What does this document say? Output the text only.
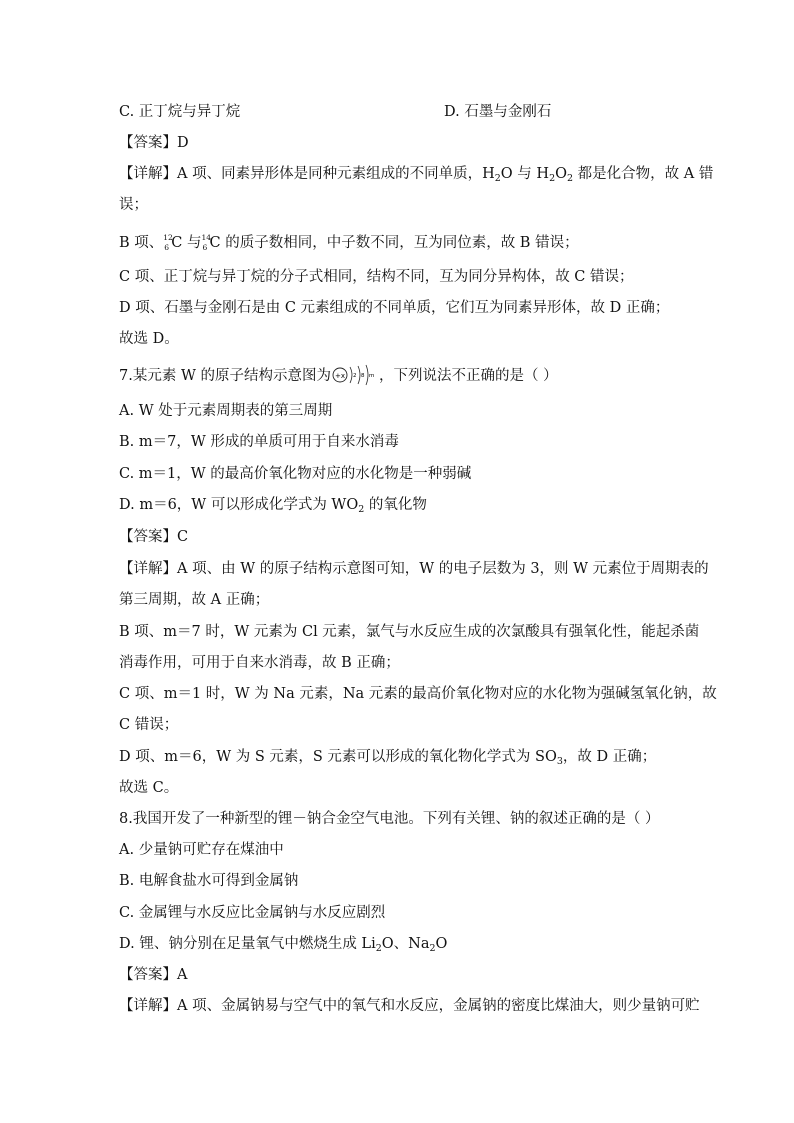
C. 正丁烷与异丁烷	D. 石墨与金刚石
【答案】D
【详解】A 项、同素异形体是同种元素组成的不同单质，$H_2O$ 与 $H_2O_2$ 都是化合物，故 A 错
误；
B 项、 12
6 C 与 14
6 C 的质子数相同，中子数不同，互为同位素，故 B 错误；
C 项、正丁烷与异丁烷的分子式相同，结构不同，互为同分异构体，故 C 错误；
D 项、石墨与金刚石是由 C 元素组成的不同单质，它们互为同素异形体，故 D 正确；
故选 D。
7.某元素 W 的原子结构示意图为 +x 2 8 m ，下列说法不正确的是（ ）
A. W 处于元素周期表的第三周期
B. m＝7，W 形成的单质可用于自来水消毒
C. m＝1，W 的最高价氧化物对应的水化物是一种弱碱
D. m＝6，W 可以形成化学式为 $WO_2$ 的氧化物
【答案】C
【详解】A 项、由 W 的原子结构示意图可知，W 的电子层数为 3，则 W 元素位于周期表的
第三周期，故 A 正确；
B 项、m＝7 时，W 元素为 Cl 元素，氯气与水反应生成的次氯酸具有强氧化性，能起杀菌
消毒作用，可用于自来水消毒，故 B 正确；
C 项、m＝1 时，W 为 Na 元素，Na 元素的最高价氧化物对应的水化物为强碱氢氧化钠，故
C 错误；
D 项、m＝6，W 为 S 元素，S 元素可以形成的氧化物化学式为 $SO_3$，故 D 正确；
故选 C。
8.我国开发了一种新型的锂－钠合金空气电池。下列有关锂、钠的叙述正确的是（ ）
A. 少量钠可贮存在煤油中
B. 电解食盐水可得到金属钠
C. 金属锂与水反应比金属钠与水反应剧烈
D. 锂、钠分别在足量氧气中燃烧生成 $Li_2O$、$Na_2O$
【答案】A
【详解】A 项、金属钠易与空气中的氧气和水反应，金属钠的密度比煤油大，则少量钠可贮
